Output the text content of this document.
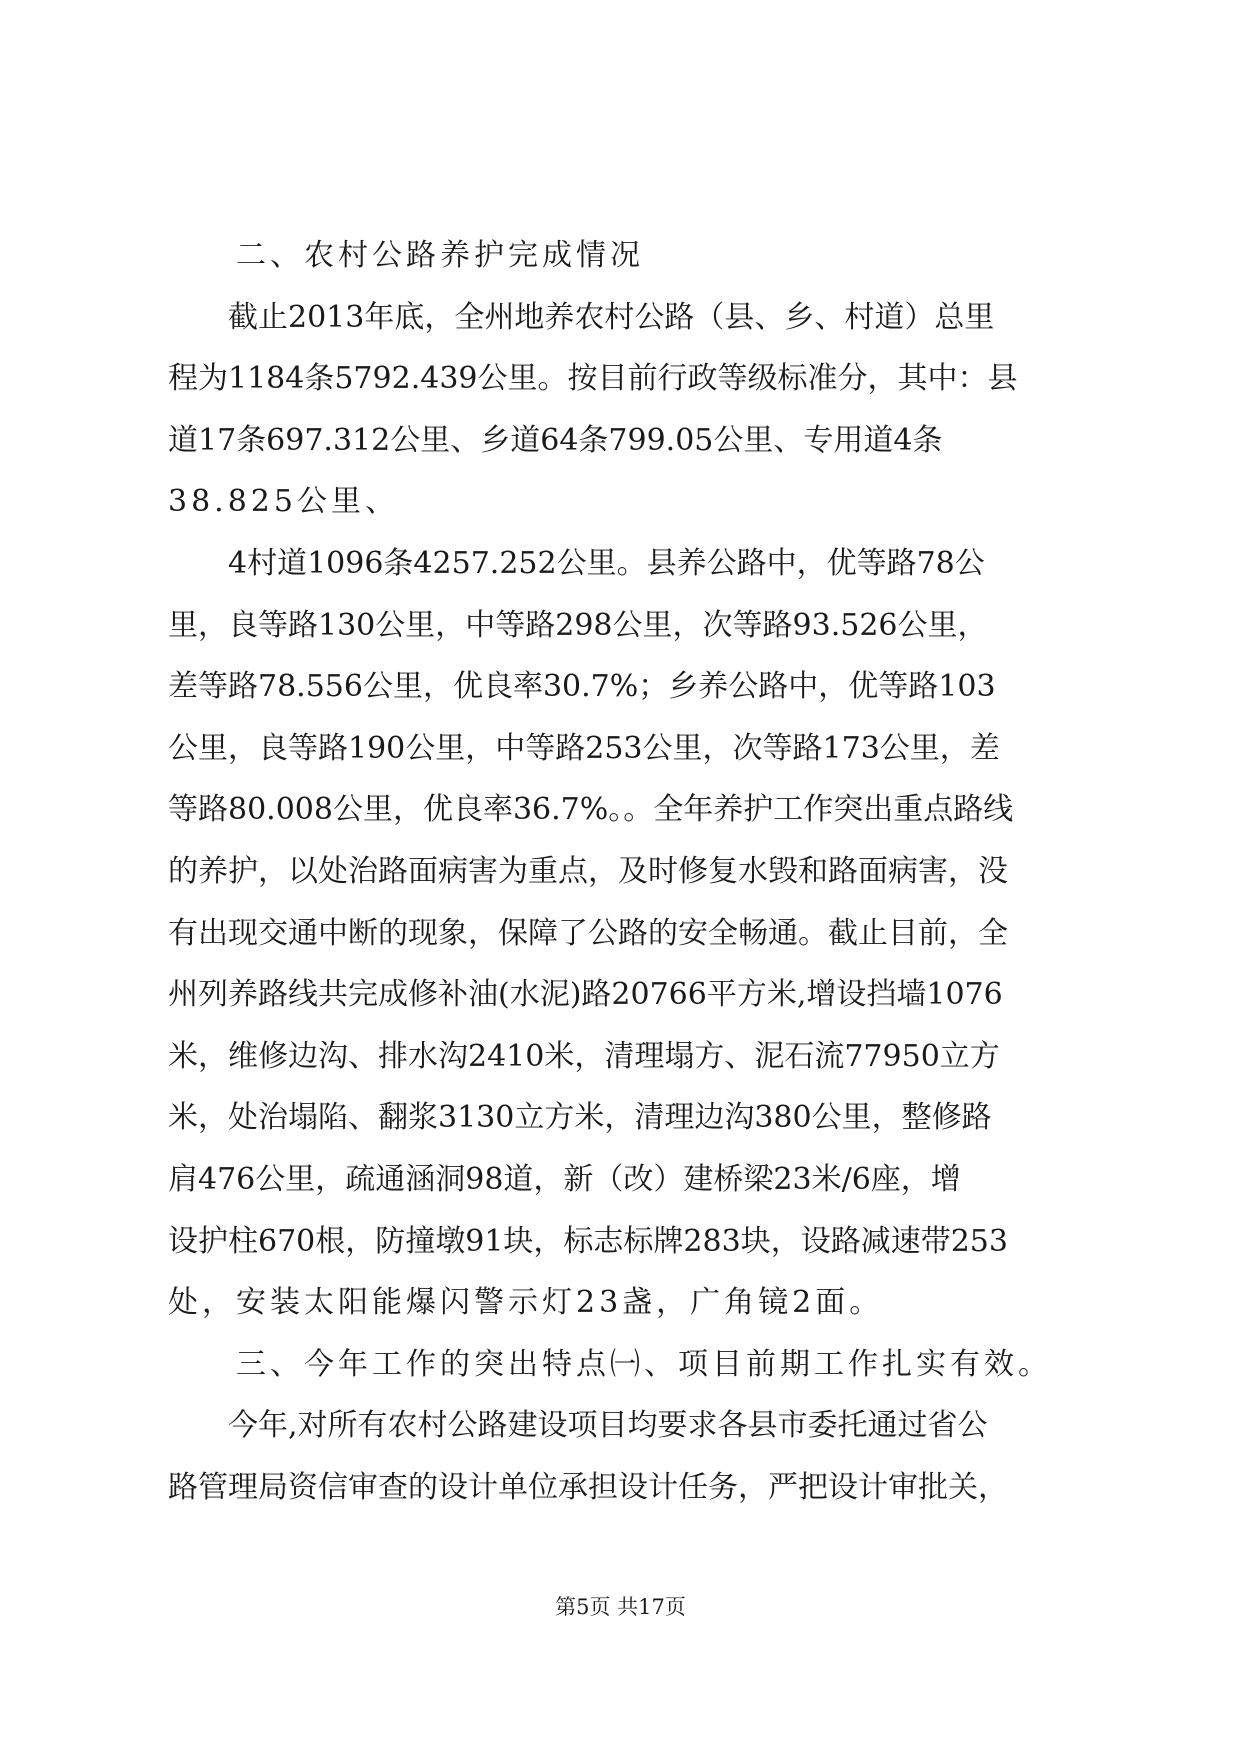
　　二、农村公路养护完成情况
　　截止2013年底，全州地养农村公路（县、乡、村道）总里
程为1184条5792.439公里。按目前行政等级标准分，其中：县
道17条697.312公里、乡道64条799.05公里、专用道4条
38.825公里、
　　4村道1096条4257.252公里。县养公路中，优等路78公
里，良等路130公里，中等路298公里，次等路93.526公里，
差等路78.556公里，优良率30.7%；乡养公路中，优等路103
公里，良等路190公里，中等路253公里，次等路173公里，差
等路80.008公里，优良率36.7%。。全年养护工作突出重点路线
的养护，以处治路面病害为重点，及时修复水毁和路面病害，没
有出现交通中断的现象，保障了公路的安全畅通。截止目前，全
州列养路线共完成修补油(水泥)路20766平方米,增设挡墙1076
米，维修边沟、排水沟2410米，清理塌方、泥石流77950立方
米，处治塌陷、翻浆3130立方米，清理边沟380公里，整修路
肩476公里，疏通涵洞98道，新（改）建桥梁23米/6座，增
设护柱670根，防撞墩91块，标志标牌283块，设路减速带253
处，安装太阳能爆闪警示灯23盏，广角镜2面。
　　三、今年工作的突出特点㈠、项目前期工作扎实有效。
　　今年,对所有农村公路建设项目均要求各县市委托通过省公
路管理局资信审查的设计单位承担设计任务，严把设计审批关，
第5页 共17页
